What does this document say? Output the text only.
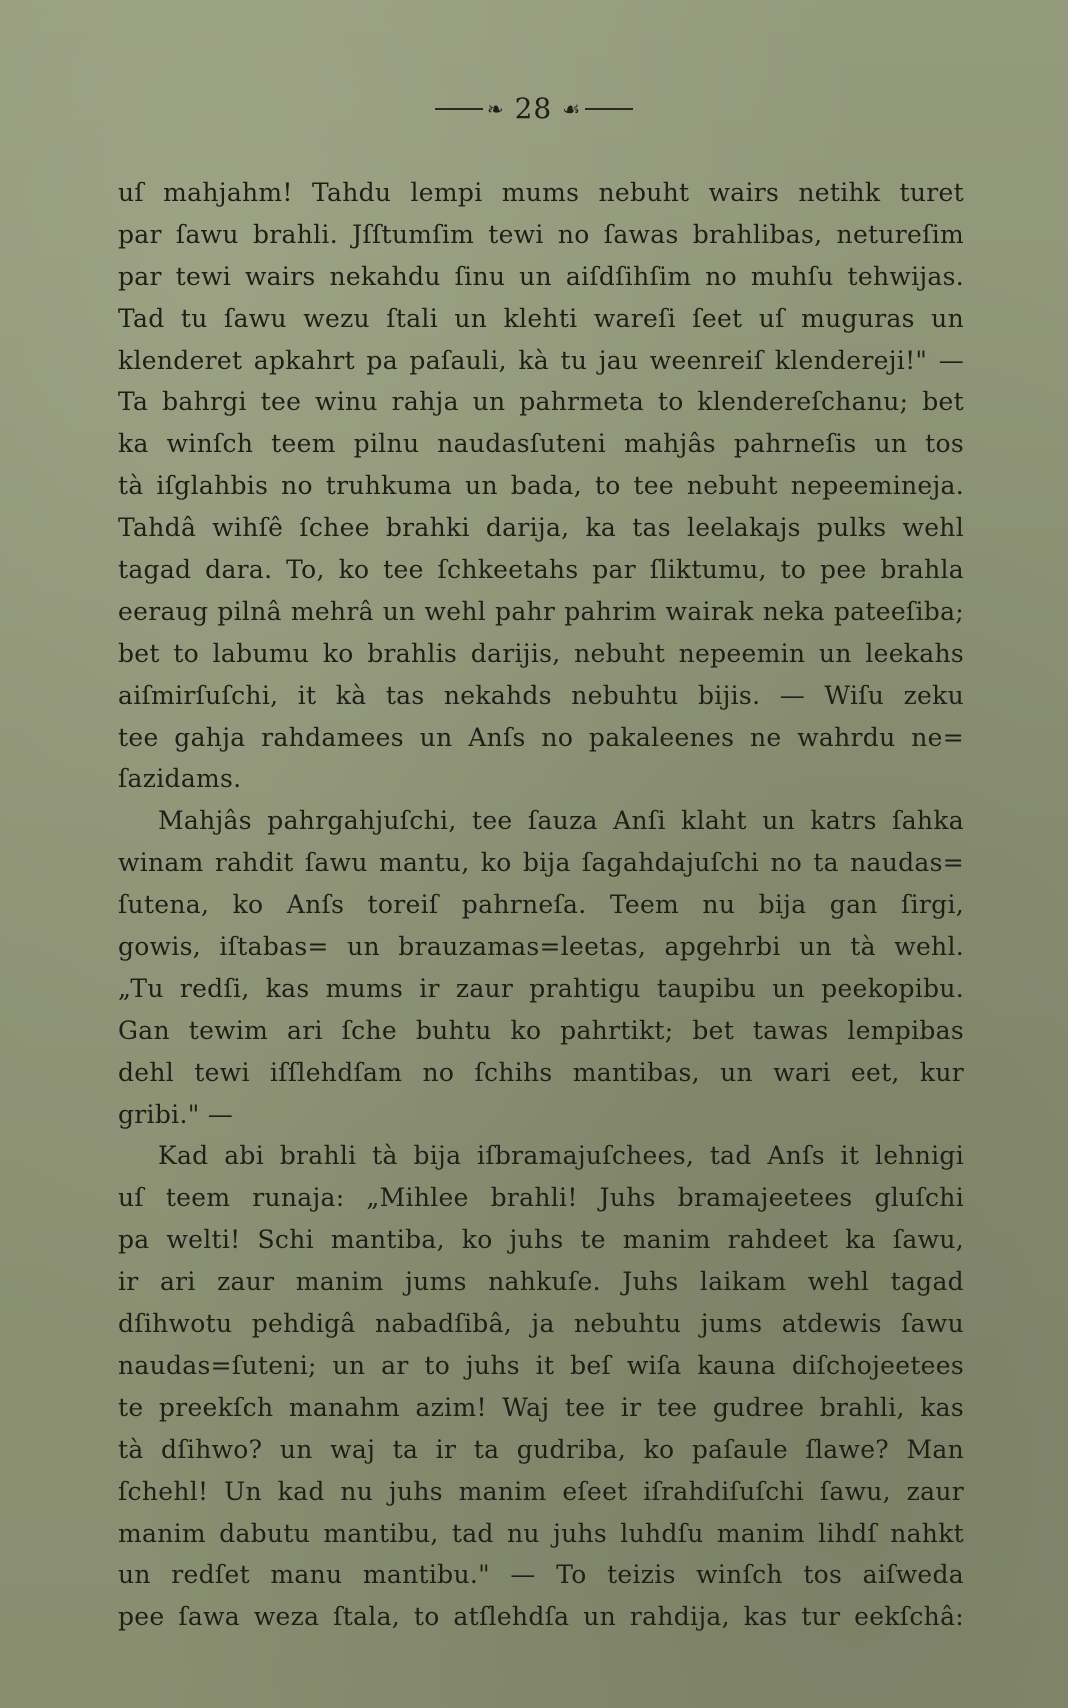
❧ 28 ☙
uſ mahjahm! Tahdu lempi mums nebuht wairs netihk turet
par ſawu brahli. Jſſtumſim tewi no ſawas brahlibas, netureſim
par tewi wairs nekahdu ſinu un aiſdſihſim no muhſu tehwijas.
Tad tu ſawu wezu ſtali un klehti wareſi ſeet uſ muguras un
klenderet apkahrt pa paſauli, kà tu jau weenreiſ klendereji!" —
Ta bahrgi tee winu rahja un pahrmeta to klendereſchanu; bet
ka winſch teem pilnu naudasſuteni mahjâs pahrneſis un tos
tà iſglahbis no truhkuma un bada, to tee nebuht nepeemineja.
Tahdâ wihſê ſchee brahki darija, ka tas leelakajs pulks wehl
tagad dara. To, ko tee ſchkeetahs par ſliktumu, to pee brahla
eeraug pilnâ mehrâ un wehl pahr pahrim wairak neka pateeſiba;
bet to labumu ko brahlis darijis, nebuht nepeemin un leekahs
aiſmirſuſchi, it kà tas nekahds nebuhtu bijis. — Wiſu zeku
tee gahja rahdamees un Anſs no pakaleenes ne wahrdu ne=
ſazidams.
Mahjâs pahrgahjuſchi, tee ſauza Anſi klaht un katrs ſahka
winam rahdit ſawu mantu, ko bija ſagahdajuſchi no ta naudas=
ſutena, ko Anſs toreiſ pahrneſa. Teem nu bija gan ſirgi,
gowis, iſtabas= un brauzamas=leetas, apgehrbi un tà wehl.
„Tu redſi, kas mums ir zaur prahtigu taupibu un peekopibu.
Gan tewim ari ſche buhtu ko pahrtikt; bet tawas lempibas
dehl tewi iſſlehdſam no ſchihs mantibas, un wari eet, kur
gribi." —
Kad abi brahli tà bija iſbramajuſchees, tad Anſs it lehnigi
uſ teem runaja: „Mihlee brahli! Juhs bramajeetees gluſchi
pa welti! Schi mantiba, ko juhs te manim rahdeet ka ſawu,
ir ari zaur manim jums nahkuſe. Juhs laikam wehl tagad
dſihwotu pehdigâ nabadſibâ, ja nebuhtu jums atdewis ſawu
naudas=ſuteni; un ar to juhs it beſ wiſa kauna diſchojeetees
te preekſch manahm azim! Waj tee ir tee gudree brahli, kas
tà dſihwo? un waj ta ir ta gudriba, ko paſaule ſlawe? Man
ſchehl! Un kad nu juhs manim eſeet iſrahdiſuſchi ſawu, zaur
manim dabutu mantibu, tad nu juhs luhdſu manim lihdſ nahkt
un redſet manu mantibu." — To teizis winſch tos aiſweda
pee ſawa weza ſtala, to atſlehdſa un rahdija, kas tur eekſchâ:
